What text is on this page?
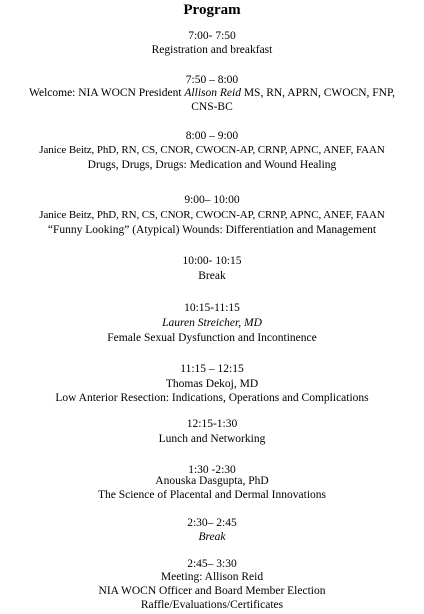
Program
7:00- 7:50
Registration and breakfast
7:50 – 8:00
Welcome: NIA WOCN President Allison Reid MS, RN, APRN, CWOCN, FNP,
CNS-BC
8:00 – 9:00
Janice Beitz, PhD, RN, CS, CNOR, CWOCN-AP, CRNP, APNC, ANEF, FAAN
Drugs, Drugs, Drugs: Medication and Wound Healing
9:00– 10:00
Janice Beitz, PhD, RN, CS, CNOR, CWOCN-AP, CRNP, APNC, ANEF, FAAN
“Funny Looking” (Atypical) Wounds: Differentiation and Management
10:00- 10:15
Break
10:15-11:15
Lauren Streicher, MD
Female Sexual Dysfunction and Incontinence
11:15 – 12:15
Thomas Dekoj, MD
Low Anterior Resection: Indications, Operations and Complications
12:15-1:30
Lunch and Networking
1:30 -2:30
Anouska Dasgupta, PhD
The Science of Placental and Dermal Innovations
2:30– 2:45
Break
2:45– 3:30
Meeting: Allison Reid
NIA WOCN Officer and Board Member Election
Raffle/Evaluations/Certificates
